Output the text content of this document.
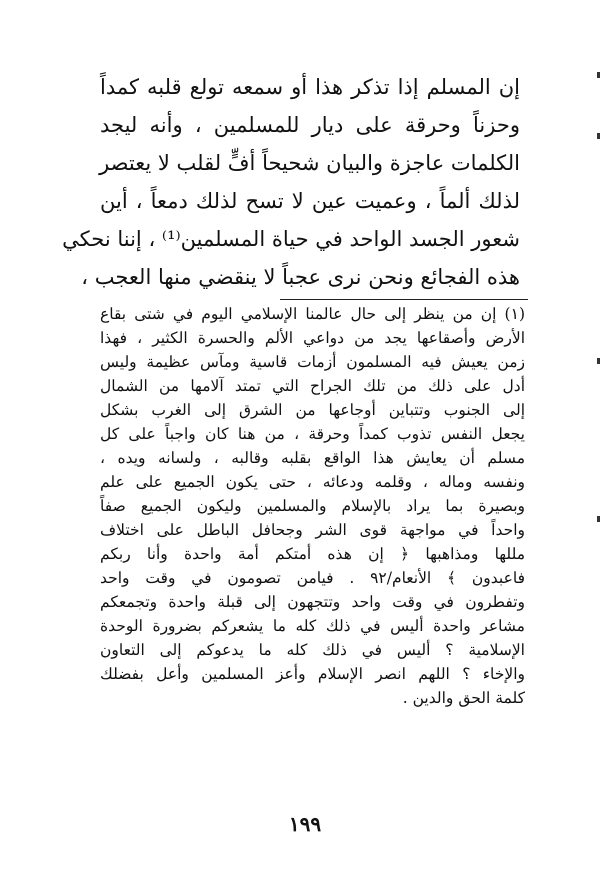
إن المسلم إذا تذكر هذا أو سمعه تولع قلبه كمداً
وحزناً وحرقة على ديار للمسلمين ، وأنه ليجد
الكلمات عاجزة والبيان شحيحاً أفٍّ لقلب لا يعتصر
لذلك ألماً ، وعميت عين لا تسح لذلك دمعاً ، أين
شعور الجسد الواحد في حياة المسلمين⁽¹⁾ ، إننا نحكي
هذه الفجائع ونحن نرى عجباً لا ينقضي منها العجب ،
(١) إن من ينظر إلى حال عالمنا الإسلامي اليوم في شتى بقاع
الأرض وأصقاعها يجد من دواعي الألم والحسرة الكثير ، فهذا
زمن يعيش فيه المسلمون أزمات قاسية ومآس عظيمة وليس
أدل على ذلك من تلك الجراح التي تمتد آلامها من الشمال
إلى الجنوب وتتباين أوجاعها من الشرق إلى الغرب بشكل
يجعل النفس تذوب كمداً وحرقة ، من هنا كان واجباً على كل
مسلم أن يعايش هذا الواقع بقلبه وقالبه ، ولسانه ويده ،
ونفسه وماله ، وقلمه ودعائه ، حتى يكون الجميع على علم
وبصيرة بما يراد بالإسلام والمسلمين وليكون الجميع صفاً
واحداً في مواجهة قوى الشر وجحافل الباطل على اختلاف
مللها ومذاهبها ﴿ إن هذه أمتكم أمة واحدة وأنا ربكم
فاعبدون ﴾ الأنعام/٩٢ . فيامن تصومون في وقت واحد
وتفطرون في وقت واحد وتتجهون إلى قبلة واحدة وتجمعكم
مشاعر واحدة أليس في ذلك كله ما يشعركم بضرورة الوحدة
الإسلامية ؟ أليس في ذلك كله ما يدعوكم إلى التعاون
والإخاء ؟ اللهم انصر الإسلام وأعز المسلمين وأعل بفضلك
كلمة الحق والدين .
١٩٩
